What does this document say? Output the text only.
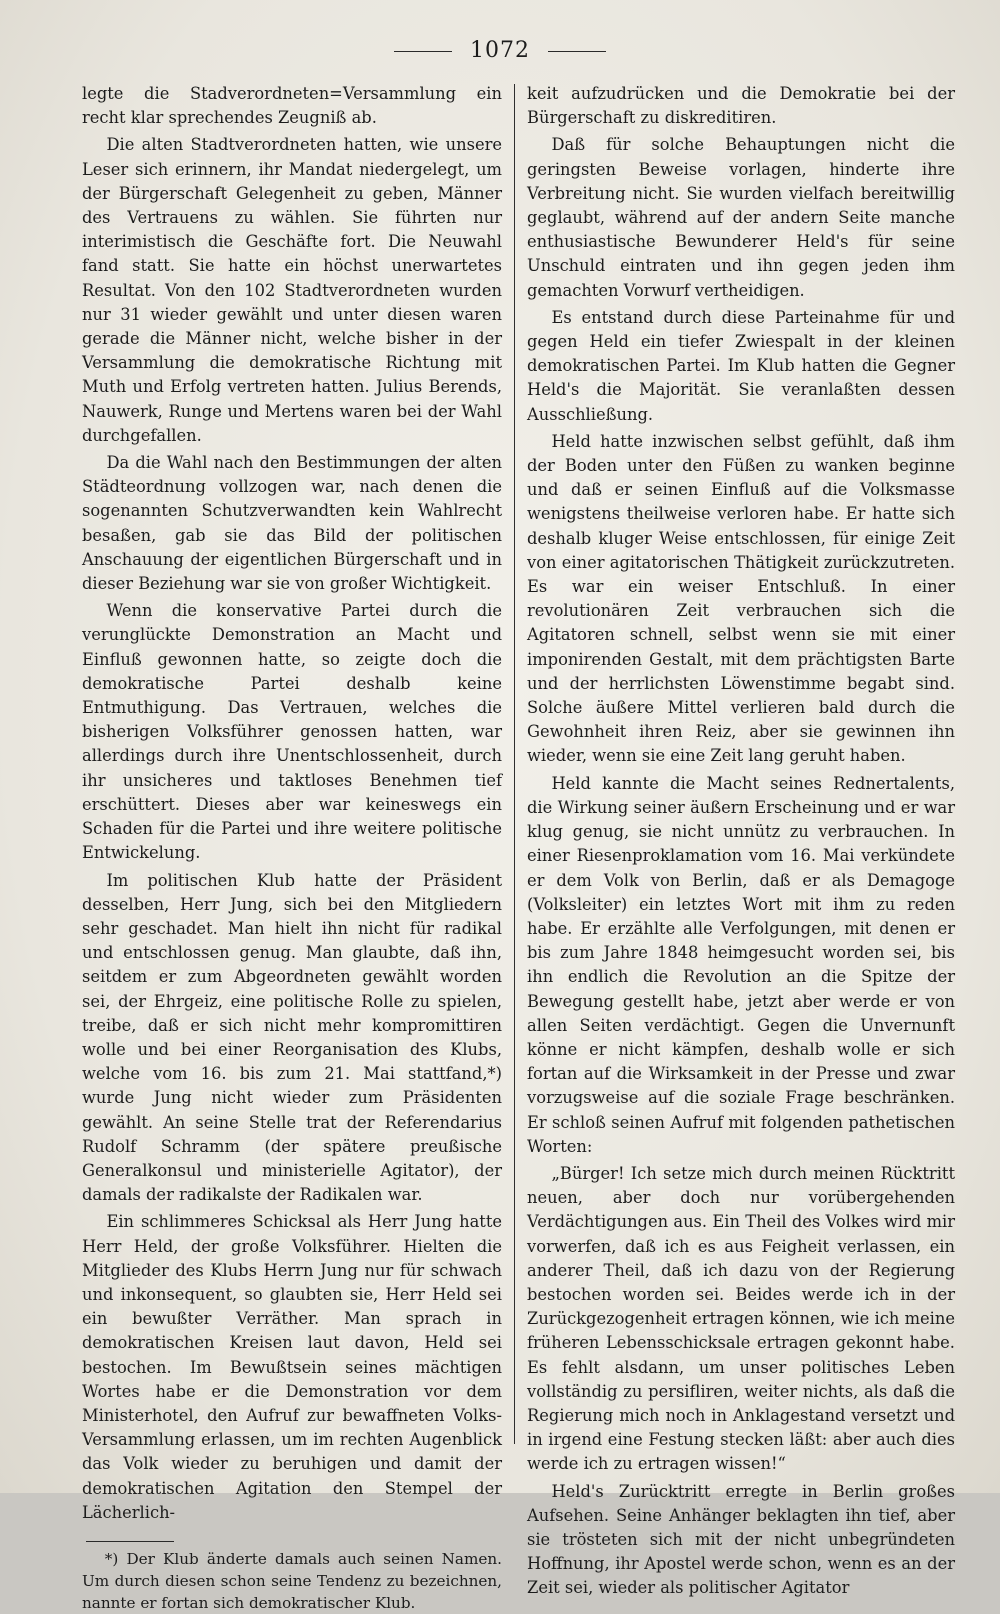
1072

legte die Stadverordneten=Versammlung ein recht klar sprechendes Zeugniß ab.

Die alten Stadtverordneten hatten, wie unsere Leser sich erinnern, ihr Mandat niedergelegt, um der Bürgerschaft Gelegenheit zu geben, Männer des Vertrauens zu wählen. Sie führten nur interimistisch die Geschäfte fort. Die Neuwahl fand statt. Sie hatte ein höchst unerwartetes Resultat. Von den 102 Stadtverordneten wurden nur 31 wieder gewählt und unter diesen waren gerade die Männer nicht, welche bisher in der Versammlung die demokratische Richtung mit Muth und Erfolg vertreten hatten. Julius Berends, Nauwerk, Runge und Mertens waren bei der Wahl durchgefallen.

Da die Wahl nach den Bestimmungen der alten Städteordnung vollzogen war, nach denen die sogenannten Schutzverwandten kein Wahlrecht besaßen, gab sie das Bild der politischen Anschauung der eigentlichen Bürgerschaft und in dieser Beziehung war sie von großer Wichtigkeit.

Wenn die konservative Partei durch die verunglückte Demonstration an Macht und Einfluß gewonnen hatte, so zeigte doch die demokratische Partei deshalb keine Entmuthigung. Das Vertrauen, welches die bisherigen Volksführer genossen hatten, war allerdings durch ihre Unentschlossenheit, durch ihr unsicheres und taktloses Benehmen tief erschüttert. Dieses aber war keineswegs ein Schaden für die Partei und ihre weitere politische Entwickelung.

Im politischen Klub hatte der Präsident desselben, Herr Jung, sich bei den Mitgliedern sehr geschadet. Man hielt ihn nicht für radikal und entschlossen genug. Man glaubte, daß ihn, seitdem er zum Abgeordneten gewählt worden sei, der Ehrgeiz, eine politische Rolle zu spielen, treibe, daß er sich nicht mehr kompromittiren wolle und bei einer Reorganisation des Klubs, welche vom 16. bis zum 21. Mai stattfand,*) wurde Jung nicht wieder zum Präsidenten gewählt. An seine Stelle trat der Referendarius Rudolf Schramm (der spätere preußische Generalkonsul und ministerielle Agitator), der damals der radikalste der Radikalen war.

Ein schlimmeres Schicksal als Herr Jung hatte Herr Held, der große Volksführer. Hielten die Mitglieder des Klubs Herrn Jung nur für schwach und inkonsequent, so glaubten sie, Herr Held sei ein bewußter Verräther. Man sprach in demokratischen Kreisen laut davon, Held sei bestochen. Im Bewußtsein seines mächtigen Wortes habe er die Demonstration vor dem Ministerhotel, den Aufruf zur bewaffneten Volks-Versammlung erlassen, um im rechten Augenblick das Volk wieder zu beruhigen und damit der demokratischen Agitation den Stempel der Lächerlich-

*) Der Klub änderte damals auch seinen Namen. Um durch diesen schon seine Tendenz zu bezeichnen, nannte er fortan sich demokratischer Klub.

keit aufzudrücken und die Demokratie bei der Bürgerschaft zu diskreditiren.

Daß für solche Behauptungen nicht die geringsten Beweise vorlagen, hinderte ihre Verbreitung nicht. Sie wurden vielfach bereitwillig geglaubt, während auf der andern Seite manche enthusiastische Bewunderer Held's für seine Unschuld eintraten und ihn gegen jeden ihm gemachten Vorwurf vertheidigen.

Es entstand durch diese Parteinahme für und gegen Held ein tiefer Zwiespalt in der kleinen demokratischen Partei. Im Klub hatten die Gegner Held's die Majorität. Sie veranlaßten dessen Ausschließung.

Held hatte inzwischen selbst gefühlt, daß ihm der Boden unter den Füßen zu wanken beginne und daß er seinen Einfluß auf die Volksmasse wenigstens theilweise verloren habe. Er hatte sich deshalb kluger Weise entschlossen, für einige Zeit von einer agitatorischen Thätigkeit zurückzutreten. Es war ein weiser Entschluß. In einer revolutionären Zeit verbrauchen sich die Agitatoren schnell, selbst wenn sie mit einer imponirenden Gestalt, mit dem prächtigsten Barte und der herrlichsten Löwenstimme begabt sind. Solche äußere Mittel verlieren bald durch die Gewohnheit ihren Reiz, aber sie gewinnen ihn wieder, wenn sie eine Zeit lang geruht haben.

Held kannte die Macht seines Rednertalents, die Wirkung seiner äußern Erscheinung und er war klug genug, sie nicht unnütz zu verbrauchen. In einer Riesenproklamation vom 16. Mai verkündete er dem Volk von Berlin, daß er als Demagoge (Volksleiter) ein letztes Wort mit ihm zu reden habe. Er erzählte alle Verfolgungen, mit denen er bis zum Jahre 1848 heimgesucht worden sei, bis ihn endlich die Revolution an die Spitze der Bewegung gestellt habe, jetzt aber werde er von allen Seiten verdächtigt. Gegen die Unvernunft könne er nicht kämpfen, deshalb wolle er sich fortan auf die Wirksamkeit in der Presse und zwar vorzugsweise auf die soziale Frage beschränken. Er schloß seinen Aufruf mit folgenden pathetischen Worten:

„Bürger! Ich setze mich durch meinen Rücktritt neuen, aber doch nur vorübergehenden Verdächtigungen aus. Ein Theil des Volkes wird mir vorwerfen, daß ich es aus Feigheit verlassen, ein anderer Theil, daß ich dazu von der Regierung bestochen worden sei. Beides werde ich in der Zurückgezogenheit ertragen können, wie ich meine früheren Lebensschicksale ertragen gekonnt habe. Es fehlt alsdann, um unser politisches Leben vollständig zu persifliren, weiter nichts, als daß die Regierung mich noch in Anklagestand versetzt und in irgend eine Festung stecken läßt: aber auch dies werde ich zu ertragen wissen!“

Held's Zurücktritt erregte in Berlin großes Aufsehen. Seine Anhänger beklagten ihn tief, aber sie trösteten sich mit der nicht unbegründeten Hoffnung, ihr Apostel werde schon, wenn es an der Zeit sei, wieder als politischer Agitator
